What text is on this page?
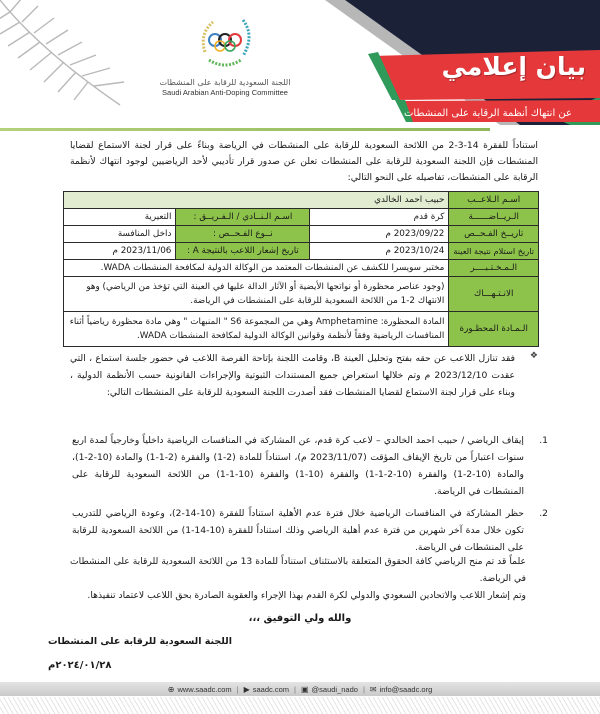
اللجنة السعودية للرقابة على المنشطات
Saudi Arabian Anti-Doping Committee
بيان إعلامي
عن انتهاك أنظمة الرقابة على المنشطات

استناداً للفقرة 14-3-2 من اللائحة السعودية للرقابة على المنشطات في الرياضة وبناءً على قرار لجنة الاستماع لقضايا المنشطات فإن اللجنة السعودية للرقابة على المنشطات تعلن عن صدور قرار تأديبي لأحد الرياضيين لوجود انتهاك لأنظمة الرقابة على المنشطات، تفاصيله على النحو التالي:

اسـم الـلاعــب	حبيب احمد الخالدي		
الـريــاضــــــة	كرة قدم	اسـم الـنــادي / الـفـريــق :	التعيرية
تاريــخ الفـحــص	2023/09/22 م	نــوع الفـحــص :	داخل المنافسة
تاريخ استلام نتيجة العينة	2023/10/24 م	تاريخ إشعار اللاعب بالنتيجة A :	2023/11/06 م
الـمـخـتـبــــر	مختبر سويسرا للكشف عن المنشطات المعتمد من الوكالة الدولية لمكافحة المنشطات WADA.		
الانـتـهـــاك	(وجود عناصر محظورة أو نواتجها الأيضية أو الآثار الدالة عليها في العينة التي تؤخذ من الرياضي) وهو الانتهاك 2-1 من اللائحة السعودية للرقابة على المنشطات في الرياضة.		
الـمـادة المحظـورة	المادة المحظورة: Amphetamine وهي من المجموعة S6 " المنبهات " وهي مادة محظورة رياضياً أثناء المنافسات الرياضية وفقاً لأنظمة وقوانين الوكالة الدولية لمكافحة المنشطات WADA.		
❖

فقد تنازل اللاعب عن حقه بفتح وتحليل العينة B، وقامت اللجنة بإتاحة الفرصة اللاعب في حضور جلسة استماع ، التي عقدت 2023/12/10 م وتم خلالها استعراض جميع المستندات الثبوتية والإجراءات القانونية حسب الأنظمة الدولية ، وبناء على قرار لجنة الاستماع لقضايا المنشطات فقد أصدرت اللجنة السعودية للرقابة على المنشطات التالي:

1.
إيقاف الرياضي / حبيب احمد الخالدي – لاعب كرة قدم، عن المشاركة في المنافسات الرياضية داخلياً وخارجياً لمدة اربع سنوات اعتباراً من تاريخ الإيقاف المؤقت (2023/11/07 م)، استناداً للمادة (2-1) والفقرة (2-1-1) والمادة (10-2-1)، والمادة (10-2-1) والفقرة (10-2-1-1) والفقرة (10-1) والفقرة (10-1-1) من اللائحة السعودية للرقابة على المنشطات في الرياضة.
2.
حظر المشاركة في المنافسات الرياضية خلال فترة عدم الأهلية استناداً للفقرة (10-14-2)، وعودة الرياضي للتدريب تكون خلال مدة آخر شهرين من فترة عدم أهلية الرياضي وذلك استناداً للفقرة (10-14-1) من اللائحة السعودية للرقابة على المنشطات في الرياضة.

علماً قد تم منح الرياضي كافة الحقوق المتعلقة بالاستئناف استناداً للمادة 13 من اللائحة السعودية للرقابة على المنشطات في الرياضة.

وتم إشعار اللاعب والاتحادين السعودي والدولي لكرة القدم بهذا الإجراء والعقوبة الصادرة بحق اللاعب لاعتماد تنفيذها.

والله ولي التوفيق ،،،
اللجنة السعودية للرقابة على المنشطات
٢٠٢٤/٠١/٢٨م
⊕ www.saadc.com | ▶ saadc.com | ▣ @saudi_nado | ✉ info@saadc.org
